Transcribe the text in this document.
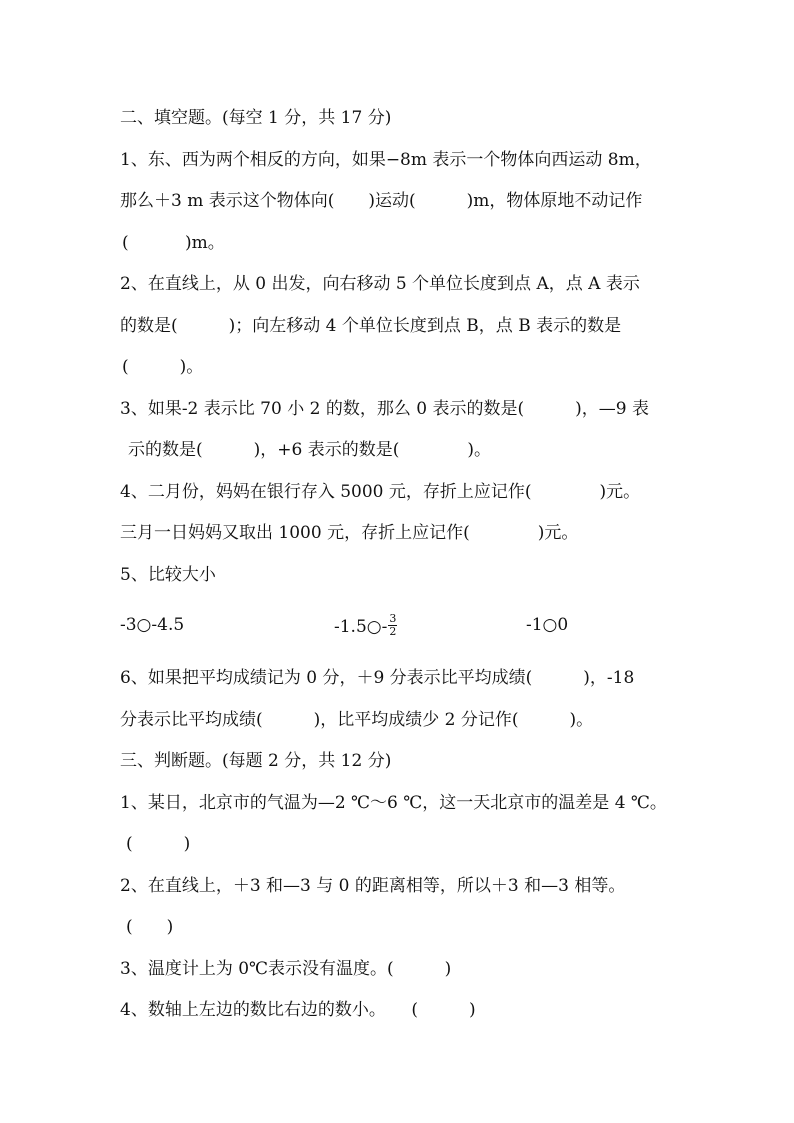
二、填空题。(每空 1 分，共 17 分)
1、东、西为两个相反的方向，如果−8m 表示一个物体向西运动 8m，
那么＋3 m 表示这个物体向(　　)运动(　　　)m，物体原地不动记作
(　　　 )m。
2、在直线上，从 0 出发，向右移动 5 个单位长度到点 A，点 A 表示
的数是(　　　)；向左移动 4 个单位长度到点 B，点 B 表示的数是
(　　　)。
3、如果-2 表示比 70 小 2 的数，那么 0 表示的数是(　　　)，—9 表
示的数是(　　　)，+6 表示的数是(　　　　)。
4、二月份，妈妈在银行存入 5000 元，存折上应记作(　　　　)元。
三月一日妈妈又取出 1000 元，存折上应记作(　　　　)元。
5、比较大小
-3○-4.5	-1.5○- $\frac{3}{2}$	-1○0
6、如果把平均成绩记为 0 分，＋9 分表示比平均成绩(　　　)，-18
分表示比平均成绩(　　　)，比平均成绩少 2 分记作(　　　)。
三、判断题。(每题 2 分，共 12 分)
1、某日，北京市的气温为—2 ℃～6 ℃，这一天北京市的温差是 4 ℃。
(　　　)
2、在直线上，＋3 和—3 与 0 的距离相等，所以＋3 和—3 相等。
(　　)
3、温度计上为 0℃表示没有温度。(　　　)
4、数轴上左边的数比右边的数小。　　(　　　)
